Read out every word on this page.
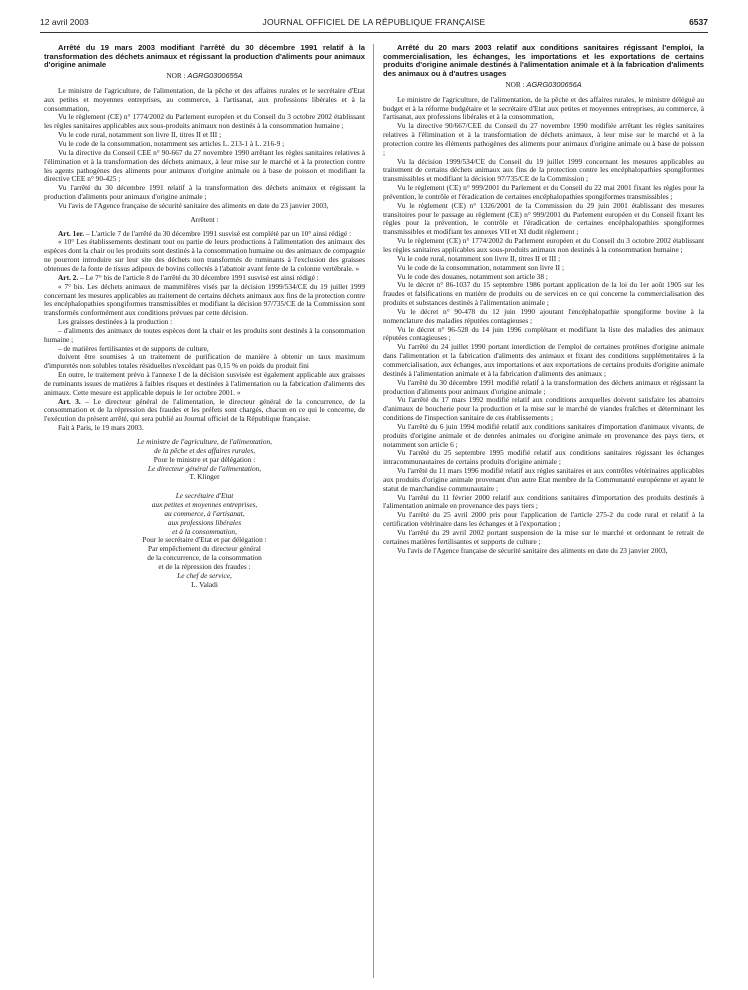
12 avril 2003	JOURNAL OFFICIEL DE LA RÉPUBLIQUE FRANÇAISE	6537
Arrêté du 19 mars 2003 modifiant l'arrêté du 30 décembre 1991 relatif à la transformation des déchets animaux et régissant la production d'aliments pour animaux d'origine animale
NOR : AGRG0300655A

Le ministre de l'agriculture, de l'alimentation, de la pêche et des affaires rurales et le secrétaire d'Etat aux petites et moyennes entreprises, au commerce, à l'artisanat, aux professions libérales et à la consommation,

Vu le règlement (CE) n° 1774/2002 du Parlement européen et du Conseil du 3 octobre 2002 établissant les règles sanitaires applicables aux sous-produits animaux non destinés à la consommation humaine ;

Vu le code rural, notamment son livre II, titres II et III ;

Vu le code de la consommation, notamment ses articles L. 213-1 à L. 216-9 ;

Vu la directive du Conseil CEE n° 90-667 du 27 novembre 1990 arrêtant les règles sanitaires relatives à l'élimination et à la transformation des déchets animaux, à leur mise sur le marché et à la protection contre les agents pathogènes des aliments pour animaux d'origine animale ou à base de poisson et modifiant la directive CEE n° 90-425 ;

Vu l'arrêté du 30 décembre 1991 relatif à la transformation des déchets animaux et régissant la production d'aliments pour animaux d'origine animale ;

Vu l'avis de l'Agence française de sécurité sanitaire des aliments en date du 23 janvier 2003,

Arrêtent :

Art. 1er. – L'article 7 de l'arrêté du 30 décembre 1991 susvisé est complété par un 10° ainsi rédigé :

« 10° Les établissements destinant tout ou partie de leurs productions à l'alimentation des animaux des espèces dont la chair ou les produits sont destinés à la consommation humaine ou des animaux de compagnie ne pourront introduire sur leur site des déchets non transformés de ruminants à l'exclusion des graisses obtenues de la fonte de tissus adipeux de bovins collectés à l'abattoir avant fente de la colonne vertébrale. »

Art. 2. – Le 7° bis de l'article 8 de l'arrêté du 30 décembre 1991 susvisé est ainsi rédigé :

« 7° bis. Les déchets animaux de mammifères visés par la décision 1999/534/CE du 19 juillet 1999 concernant les mesures applicables au traitement de certains déchets animaux aux fins de la protection contre les encéphalopathies spongiformes transmissibles et modifiant la décision 97/735/CE de la Commission sont transformés conformément aux conditions prévues par cette décision.

Les graisses destinées à la production :

– d'aliments des animaux de toutes espèces dont la chair et les produits sont destinés à la consommation humaine ;

– de matières fertilisantes et de supports de culture,

doivent être soumises à un traitement de purification de manière à obtenir un taux maximum d'impuretés non solubles totales résiduelles n'excédant pas 0,15 % en poids du produit fini

En outre, le traitement prévu à l'annexe I de la décision susvisée est également applicable aux graisses de ruminants issues de matières à faibles risques et destinées à l'alimentation ou la fabrication d'aliments des animaux. Cette mesure est applicable depuis le 1er octobre 2001. »

Art. 3. – Le directeur général de l'alimentation, le directeur général de la concurrence, de la consommation et de la répression des fraudes et les préfets sont chargés, chacun en ce qui le concerne, de l'exécution du présent arrêté, qui sera publié au Journal officiel de la République française.

Fait à Paris, le 19 mars 2003.

Le ministre de l'agriculture, de l'alimentation,

de la pêche et des affaires rurales,

Pour le ministre et par délégation :

Le directeur général de l'alimentation,

T. Klinger

Le secrétaire d'Etat

aux petites et moyennes entreprises,

au commerce, à l'artisanat,

aux professions libérales

et à la consommation,

Pour le secrétaire d'Etat et par délégation :

Par empêchement du directeur général

de la concurrence, de la consommation

et de la répression des fraudes :

Le chef de service,

L. Valadi

Arrêté du 20 mars 2003 relatif aux conditions sanitaires régissant l'emploi, la commercialisation, les échanges, les importations et les exportations de certains produits d'origine animale destinés à l'alimentation animale et à la fabrication d'aliments des animaux ou à d'autres usages
NOR : AGRG0300656A

Le ministre de l'agriculture, de l'alimentation, de la pêche et des affaires rurales, le ministre délégué au budget et à la réforme budgétaire et le secrétaire d'Etat aux petites et moyennes entreprises, au commerce, à l'artisanat, aux professions libérales et à la consommation,

Vu la directive 90/667/CEE du Conseil du 27 novembre 1990 modifiée arrêtant les règles sanitaires relatives à l'élimination et à la transformation de déchets animaux, à leur mise sur le marché et à la protection contre les éléments pathogènes des aliments pour animaux d'origine animale ou à base de poisson ;

Vu la décision 1999/534/CE du Conseil du 19 juillet 1999 concernant les mesures applicables au traitement de certains déchets animaux aux fins de la protection contre les encéphalopathies spongiformes transmissibles et modifiant la décision 97/735/CE de la Commission ;

Vu le règlement (CE) n° 999/2001 du Parlement et du Conseil du 22 mai 2001 fixant les règles pour la prévention, le contrôle et l'éradication de certaines encéphalopathies spongiformes transmissibles ;

Vu le règlement (CE) n° 1326/2001 de la Commission du 29 juin 2001 établissant des mesures transitoires pour le passage au règlement (CE) n° 999/2001 du Parlement européen et du Conseil fixant les règles pour la prévention, le contrôle et l'éradication de certaines encéphalopathies spongiformes transmissibles et modifiant les annexes VII et XI dudit règlement ;

Vu le règlement (CE) n° 1774/2002 du Parlement européen et du Conseil du 3 octobre 2002 établissant les règles sanitaires applicables aux sous-produits animaux non destinés à la consommation humaine ;

Vu le code rural, notamment son livre II, titres II et III ;

Vu le code de la consommation, notamment son livre II ;

Vu le code des douanes, notamment son article 38 ;

Vu le décret n° 86-1037 du 15 septembre 1986 portant application de la loi du 1er août 1905 sur les fraudes et falsifications en matière de produits ou de services en ce qui concerne la commercialisation des produits et substances destinés à l'alimentation animale ;

Vu le décret n° 90-478 du 12 juin 1990 ajoutant l'encéphalopathie spongiforme bovine à la nomenclature des maladies réputées contagieuses ;

Vu le décret n° 96-528 du 14 juin 1996 complétant et modifiant la liste des maladies des animaux réputées contagieuses ;

Vu l'arrêté du 24 juillet 1990 portant interdiction de l'emploi de certaines protéines d'origine animale dans l'alimentation et la fabrication d'aliments des animaux et fixant des conditions supplémentaires à la commercialisation, aux échanges, aux importations et aux exportations de certains produits d'origine animale destinés à l'alimentation animale et à la fabrication d'aliments des animaux ;

Vu l'arrêté du 30 décembre 1991 modifié relatif à la transformation des déchets animaux et régissant la production d'aliments pour animaux d'origine animale ;

Vu l'arrêté du 17 mars 1992 modifié relatif aux conditions auxquelles doivent satisfaire les abattoirs d'animaux de boucherie pour la production et la mise sur le marché de viandes fraîches et déterminant les conditions de l'inspection sanitaire de ces établissements ;

Vu l'arrêté du 6 juin 1994 modifié relatif aux conditions sanitaires d'importation d'animaux vivants, de produits d'origine animale et de denrées animales ou d'origine animale en provenance des pays tiers, et notamment son article 6 ;

Vu l'arrêté du 25 septembre 1995 modifié relatif aux conditions sanitaires régissant les échanges intracommunautaires de certains produits d'origine animale ;

Vu l'arrêté du 11 mars 1996 modifié relatif aux règles sanitaires et aux contrôles vétérinaires applicables aux produits d'origine animale provenant d'un autre Etat membre de la Communauté européenne et ayant le statut de marchandise communautaire ;

Vu l'arrêté du 11 février 2000 relatif aux conditions sanitaires d'importation des produits destinés à l'alimentation animale en provenance des pays tiers ;

Vu l'arrêté du 25 avril 2000 pris pour l'application de l'article 275-2 du code rural et relatif à la certification vétérinaire dans les échanges et à l'exportation ;

Vu l'arrêté du 29 avril 2002 portant suspension de la mise sur le marché et ordonnant le retrait de certaines matières fertilisantes et supports de culture ;

Vu l'avis de l'Agence française de sécurité sanitaire des aliments en date du 23 janvier 2003,
